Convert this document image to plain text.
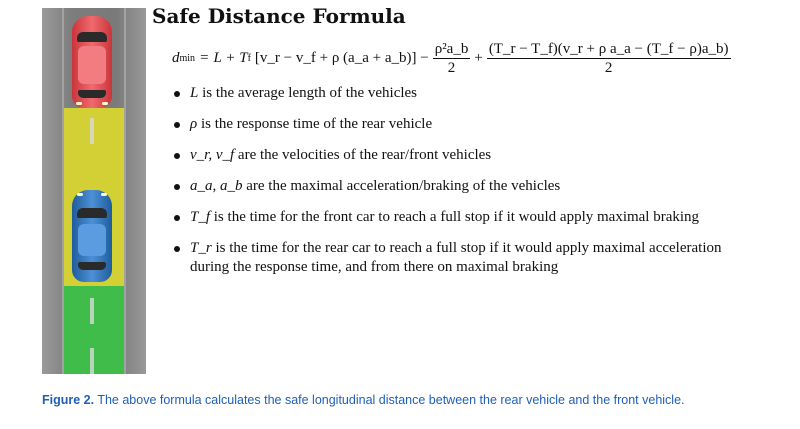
Safe Distance Formula
d min = L + T f [v_r − v_f + ρ (a_a + a_b)] − $\frac{\text{ρ²a\_b}}{2} + \frac{\text{(T\_r − T\_f)(v\_r + ρ a\_a − (T\_f − ρ)a\_b)}}{2}$
L is the average length of the vehicles
ρ is the response time of the rear vehicle
v_r, v_f are the velocities of the rear/front vehicles
a_a, a_b are the maximal acceleration/braking of the vehicles
T_f is the time for the front car to reach a full stop if it would apply maximal braking
T_r is the time for the rear car to reach a full stop if it would apply maximal acceleration during the response time, and from there on maximal braking
Figure 2. The above formula calculates the safe longitudinal distance between the rear vehicle and the front vehicle.
